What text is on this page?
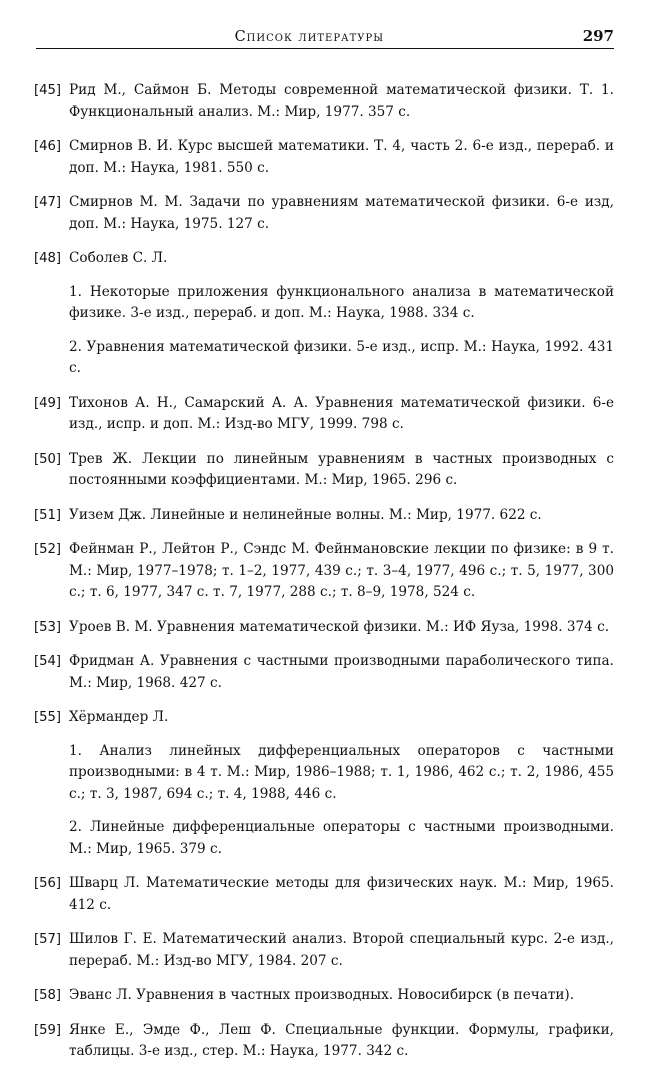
Список литературы	297
[45] Рид М., Саймон Б. Методы современной математической физики. Т. 1. Функциональный анализ. М.: Мир, 1977. 357 с.
[46] Смирнов В. И. Курс высшей математики. Т. 4, часть 2. 6-е изд., перераб. и доп. М.: Наука, 1981. 550 с.
[47] Смирнов М. М. Задачи по уравнениям математической физики. 6-е изд, доп. М.: Наука, 1975. 127 с.
[48] Соболев С. Л.
1. Некоторые приложения функционального анализа в математической физике. 3-е изд., перераб. и доп. М.: Наука, 1988. 334 с.
2. Уравнения математической физики. 5-е изд., испр. М.: Наука, 1992. 431 с.
[49] Тихонов А. Н., Самарский А. А. Уравнения математической физики. 6-е изд., испр. и доп. М.: Изд-во МГУ, 1999. 798 с.
[50] Трев Ж. Лекции по линейным уравнениям в частных производных с постоянными коэффициентами. М.: Мир, 1965. 296 с.
[51] Уизем Дж. Линейные и нелинейные волны. М.: Мир, 1977. 622 с.
[52] Фейнман Р., Лейтон Р., Сэндс М. Фейнмановские лекции по физике: в 9 т. М.: Мир, 1977–1978; т. 1–2, 1977, 439 с.; т. 3–4, 1977, 496 с.; т. 5, 1977, 300 с.; т. 6, 1977, 347 с. т. 7, 1977, 288 с.; т. 8–9, 1978, 524 с.
[53] Уроев В. М. Уравнения математической физики. М.: ИФ Яуза, 1998. 374 с.
[54] Фридман А. Уравнения с частными производными параболического типа. М.: Мир, 1968. 427 с.
[55] Хёрмандер Л.
1. Анализ линейных дифференциальных операторов с частными производными: в 4 т. М.: Мир, 1986–1988; т. 1, 1986, 462 с.; т. 2, 1986, 455 с.; т. 3, 1987, 694 с.; т. 4, 1988, 446 с.
2. Линейные дифференциальные операторы с частными производными. М.: Мир, 1965. 379 с.
[56] Шварц Л. Математические методы для физических наук. М.: Мир, 1965. 412 с.
[57] Шилов Г. Е. Математический анализ. Второй специальный курс. 2-е изд., перераб. М.: Изд-во МГУ, 1984. 207 с.
[58] Эванс Л. Уравнения в частных производных. Новосибирск (в печати).
[59] Янке Е., Эмде Ф., Леш Ф. Специальные функции. Формулы, графики, таблицы. 3-е изд., стер. М.: Наука, 1977. 342 с.
